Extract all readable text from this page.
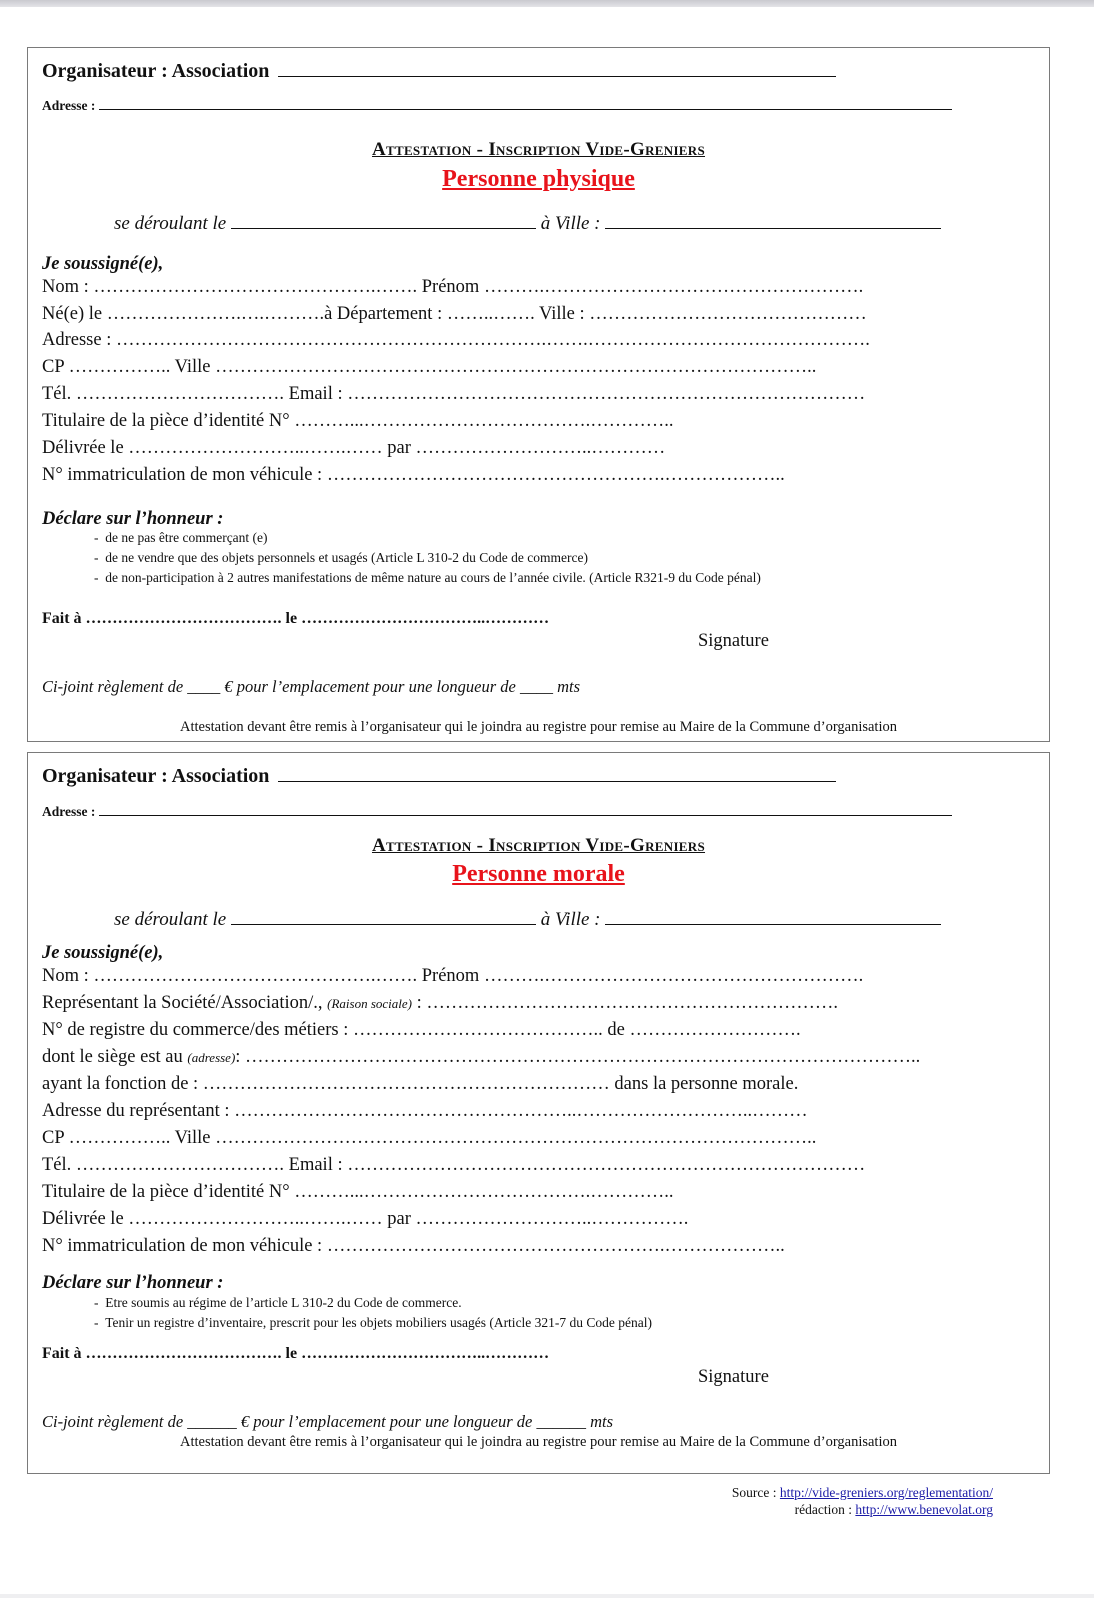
Organisateur : Association
Adresse :
Attestation - Inscription Vide-Greniers
Personne physique
se déroulant le	à Ville :
Je soussigné(e),
Nom : ……………………………………….……. Prénom ……….…………………………………………….
Né(e) le ………………….….……….à Département : ……..……. Ville : ………………………………………
Adresse : …………………………………………………………….…….……………………………………….
CP …………….. Ville ……………………………………………………………………………………..
Tél. ……………………………. Email : …………………………………………………………………………
Titulaire de la pièce d’identité N° ………...……………………………….…………..
Délivrée le ………………………..…….…… par ………………………..…………
N° immatriculation de mon véhicule : ……………………………………………….………………..
Déclare sur l’honneur :
-  de ne pas être commerçant (e)
-  de ne vendre que des objets personnels et usagés (Article L 310-2 du Code de commerce)
-  de non-participation à 2 autres manifestations de même nature au cours de l’année civile. (Article R321-9 du Code pénal)
Fait à ………………………………. le ……………………………..…………
Signature
Ci-joint règlement de ____ € pour l’emplacement pour une longueur de ____ mts
Attestation devant être remis à l’organisateur qui le joindra au registre pour remise au Maire de la Commune d’organisation
Organisateur : Association
Adresse :
Attestation - Inscription Vide-Greniers
Personne morale
se déroulant le	à Ville :
Je soussigné(e),
Nom : ……………………………………….……. Prénom ……….…………………………………………….
Représentant la Société/Association/., (Raison sociale) : ………………………………………………………….
N° de registre du commerce/des métiers : ………………………………….. de ……………………….
dont le siège est au (adresse): ………………………………………………………………………………………………..
ayant la fonction de : ………………………………………………………… dans la personne morale.
Adresse du représentant : ………………………………………………..………………………..………
CP …………….. Ville ……………………………………………………………………………………..
Tél. ……………………………. Email : …………………………………………………………………………
Titulaire de la pièce d’identité N° ………...……………………………….…………..
Délivrée le ………………………..…….…… par ………………………..…………….
N° immatriculation de mon véhicule : ……………………………………………….………………..
Déclare sur l’honneur :
-  Etre soumis au régime de l’article L 310-2 du Code de commerce.
-  Tenir un registre d’inventaire, prescrit pour les objets mobiliers usagés (Article 321-7 du Code pénal)
Fait à ………………………………. le ……………………………..…………
Signature
Ci-joint règlement de ______ € pour l’emplacement pour une longueur de ______ mts
Attestation devant être remis à l’organisateur qui le joindra au registre pour remise au Maire de la Commune d’organisation
Source : http://vide-greniers.org/reglementation/
rédaction : http://www.benevolat.org
